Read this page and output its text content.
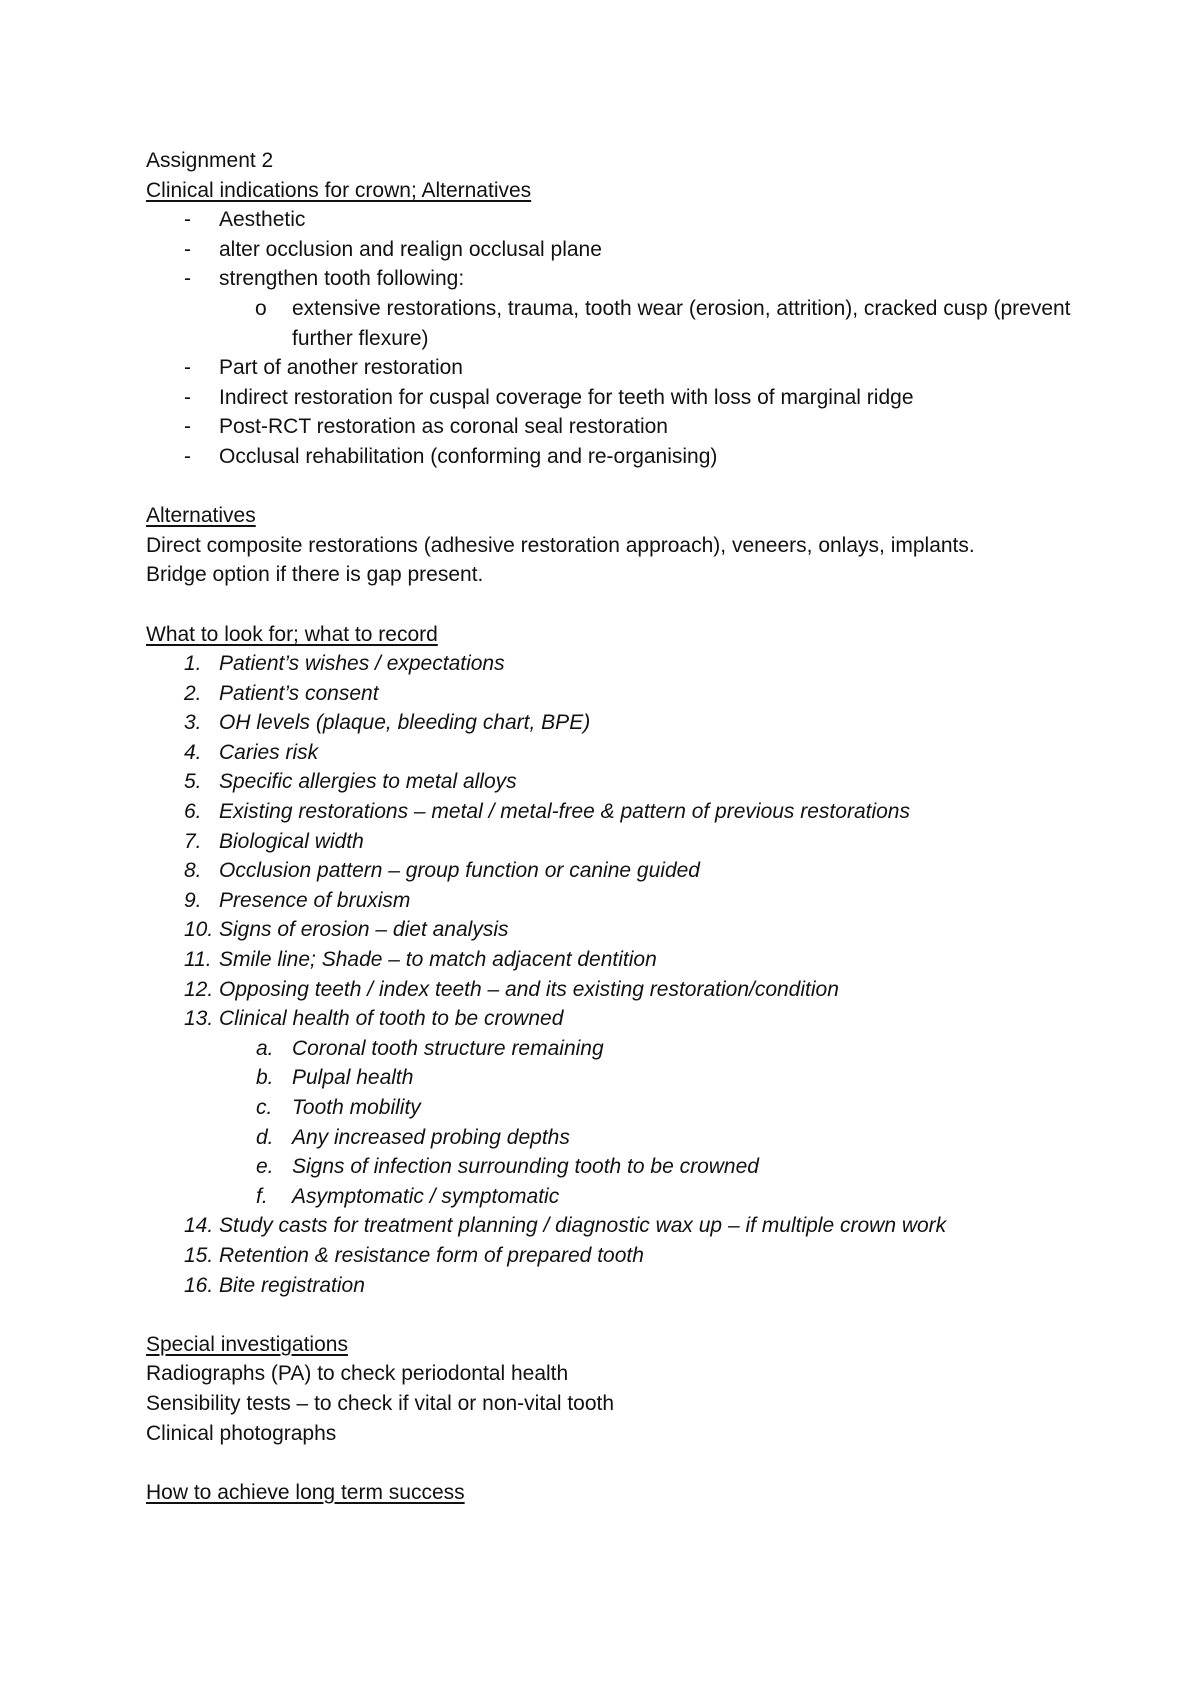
Assignment 2

Clinical indications for crown; Alternatives

- Aesthetic
- alter occlusion and realign occlusal plane
- strengthen tooth following:
o extensive restorations, trauma, tooth wear (erosion, attrition), cracked cusp (prevent further flexure)
- Part of another restoration
- Indirect restoration for cuspal coverage for teeth with loss of marginal ridge
- Post-RCT restoration as coronal seal restoration
- Occlusal rehabilitation (conforming and re-organising)

Alternatives

Direct composite restorations (adhesive restoration approach), veneers, onlays, implants.

Bridge option if there is gap present.

What to look for; what to record

1. Patient’s wishes / expectations
2. Patient’s consent
3. OH levels (plaque, bleeding chart, BPE)
4. Caries risk
5. Specific allergies to metal alloys
6. Existing restorations – metal / metal-free & pattern of previous restorations
7. Biological width
8. Occlusion pattern – group function or canine guided
9. Presence of bruxism
10. Signs of erosion – diet analysis
11. Smile line; Shade – to match adjacent dentition
12. Opposing teeth / index teeth – and its existing restoration/condition
13. Clinical health of tooth to be crowned
a. Coronal tooth structure remaining
b. Pulpal health
c. Tooth mobility
d. Any increased probing depths
e. Signs of infection surrounding tooth to be crowned
f. Asymptomatic / symptomatic
14. Study casts for treatment planning / diagnostic wax up – if multiple crown work
15. Retention & resistance form of prepared tooth
16. Bite registration

Special investigations

Radiographs (PA) to check periodontal health

Sensibility tests – to check if vital or non-vital tooth

Clinical photographs

How to achieve long term success
